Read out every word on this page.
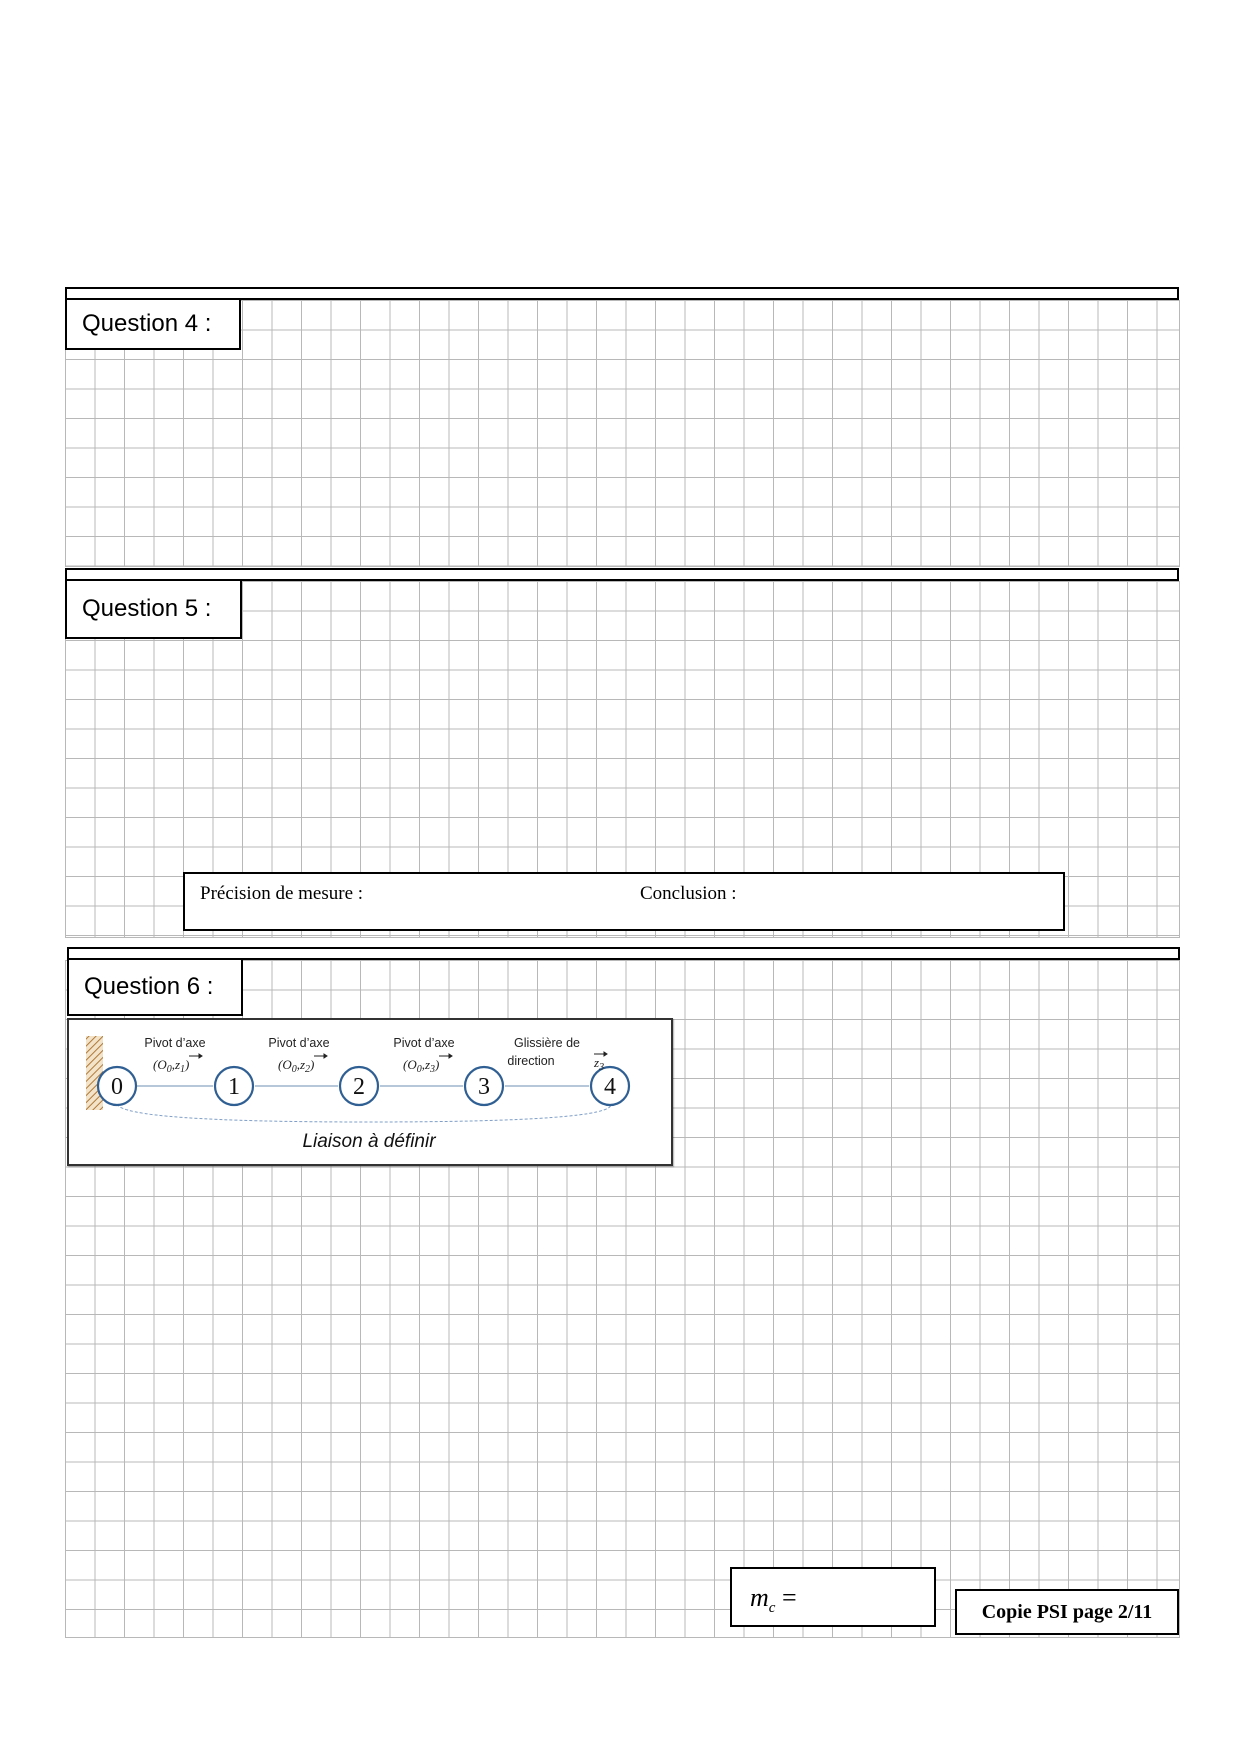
Question 4 :
Question 5 :
Précision de mesure :	Conclusion :
Question 6 :
0	1	2	3	4
Pivot d’axe	Pivot d’axe	Pivot d’axe	Glissière de
direction
$(O_0,z_1)$	$(O_0,z_2)$	$(O_0,z_3)$	$z_3$
Liaison à définir
$m_c$ =	Copie PSI page 2/11
